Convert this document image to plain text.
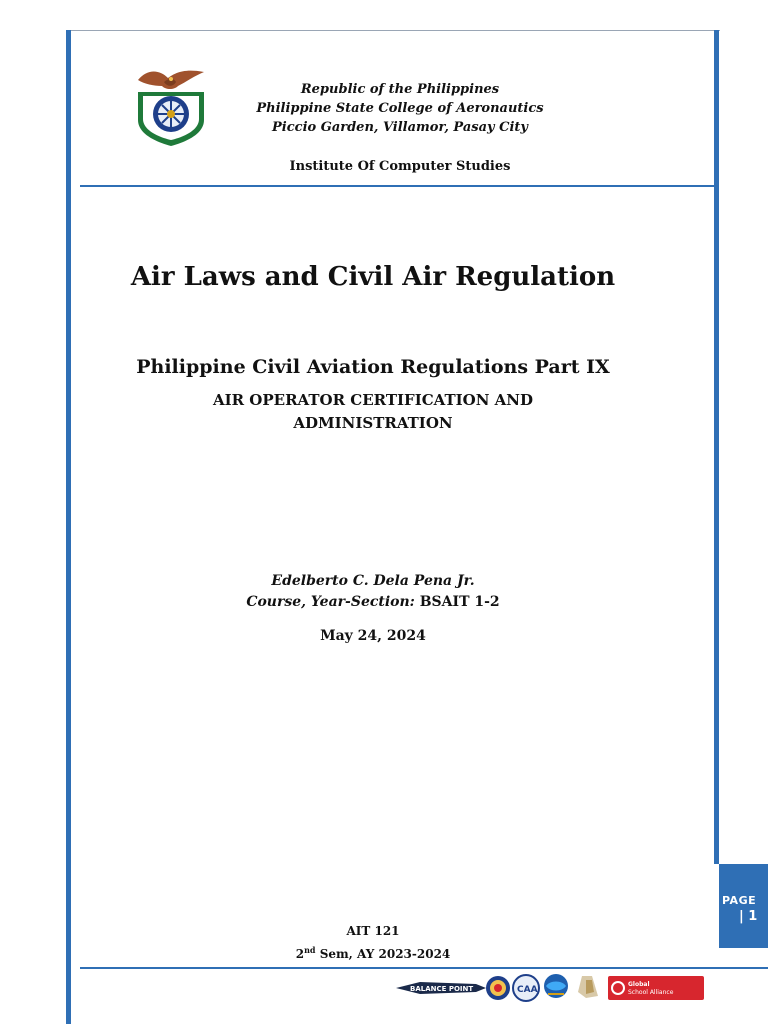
Republic of the Philippines
Philippine State College of Aeronautics
Piccio Garden, Villamor, Pasay City
Institute Of Computer Studies
Air Laws and Civil Air Regulation
Philippine Civil Aviation Regulations Part IX
AIR OPERATOR CERTIFICATION AND
ADMINISTRATION
Edelberto C. Dela Pena Jr.
Course, Year-Section: BSAIT 1-2
May 24, 2024
AIT 121
2nd Sem, AY 2023-2024
PAGE
| 1
BALANCE POINT	CAA
Global
School Alliance
